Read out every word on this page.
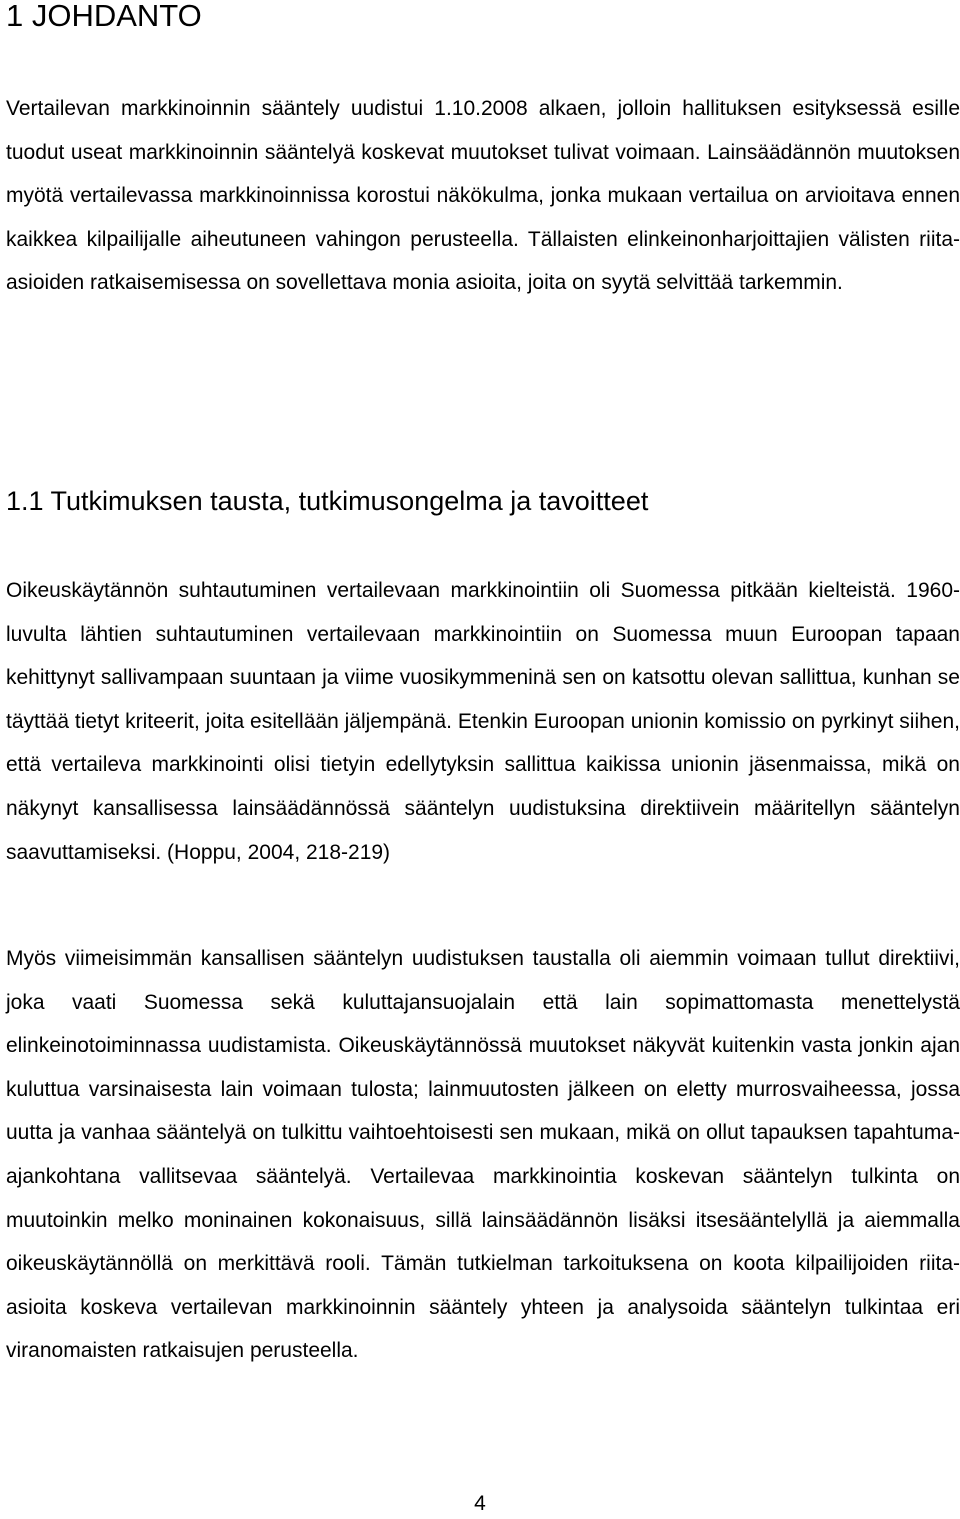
1 JOHDANTO

Vertailevan markkinoinnin sääntely uudistui 1.10.2008 alkaen, jolloin hallituksen esityksessä esille tuodut useat markkinoinnin sääntelyä koskevat muutokset tulivat voimaan. Lainsäädännön muutoksen myötä vertailevassa markkinoinnissa korostui näkökulma, jonka mukaan vertailua on arvioitava ennen kaikkea kilpailijalle aiheutuneen vahingon perusteella. Tällaisten elinkeinonharjoittajien välisten riita-asioiden ratkaisemisessa on sovellettava monia asioita, joita on syytä selvittää tarkemmin.

1.1 Tutkimuksen tausta, tutkimusongelma ja tavoitteet

Oikeuskäytännön suhtautuminen vertailevaan markkinointiin oli Suomessa pitkään kielteistä. 1960-luvulta lähtien suhtautuminen vertailevaan markkinointiin on Suomessa muun Euroopan tapaan kehittynyt sallivampaan suuntaan ja viime vuosikymmeninä sen on katsottu olevan sallittua, kunhan se täyttää tietyt kriteerit, joita esitellään jäljempänä. Etenkin Euroopan unionin komissio on pyrkinyt siihen, että vertaileva markkinointi olisi tietyin edellytyksin sallittua kaikissa unionin jäsenmaissa, mikä on näkynyt kansallisessa lainsäädännössä sääntelyn uudistuksina direktiivein määritellyn sääntelyn saavuttamiseksi. (Hoppu, 2004, 218-219)

Myös viimeisimmän kansallisen sääntelyn uudistuksen taustalla oli aiemmin voimaan tullut direktiivi, joka vaati Suomessa sekä kuluttajansuojalain että lain sopimattomasta menettelystä elinkeinotoiminnassa uudistamista. Oikeuskäytännössä muutokset näkyvät kuitenkin vasta jonkin ajan kuluttua varsinaisesta lain voimaan tulosta; lainmuutosten jälkeen on eletty murrosvaiheessa, jossa uutta ja vanhaa sääntelyä on tulkittu vaihtoehtoisesti sen mukaan, mikä on ollut tapauksen tapahtuma-ajankohtana vallitsevaa sääntelyä. Vertailevaa markkinointia koskevan sääntelyn tulkinta on muutoinkin melko moninainen kokonaisuus, sillä lainsäädännön lisäksi itsesääntelyllä ja aiemmalla oikeuskäytännöllä on merkittävä rooli. Tämän tutkielman tarkoituksena on koota kilpailijoiden riita-asioita koskeva vertailevan markkinoinnin sääntely yhteen ja analysoida sääntelyn tulkintaa eri viranomaisten ratkaisujen perusteella.

4
